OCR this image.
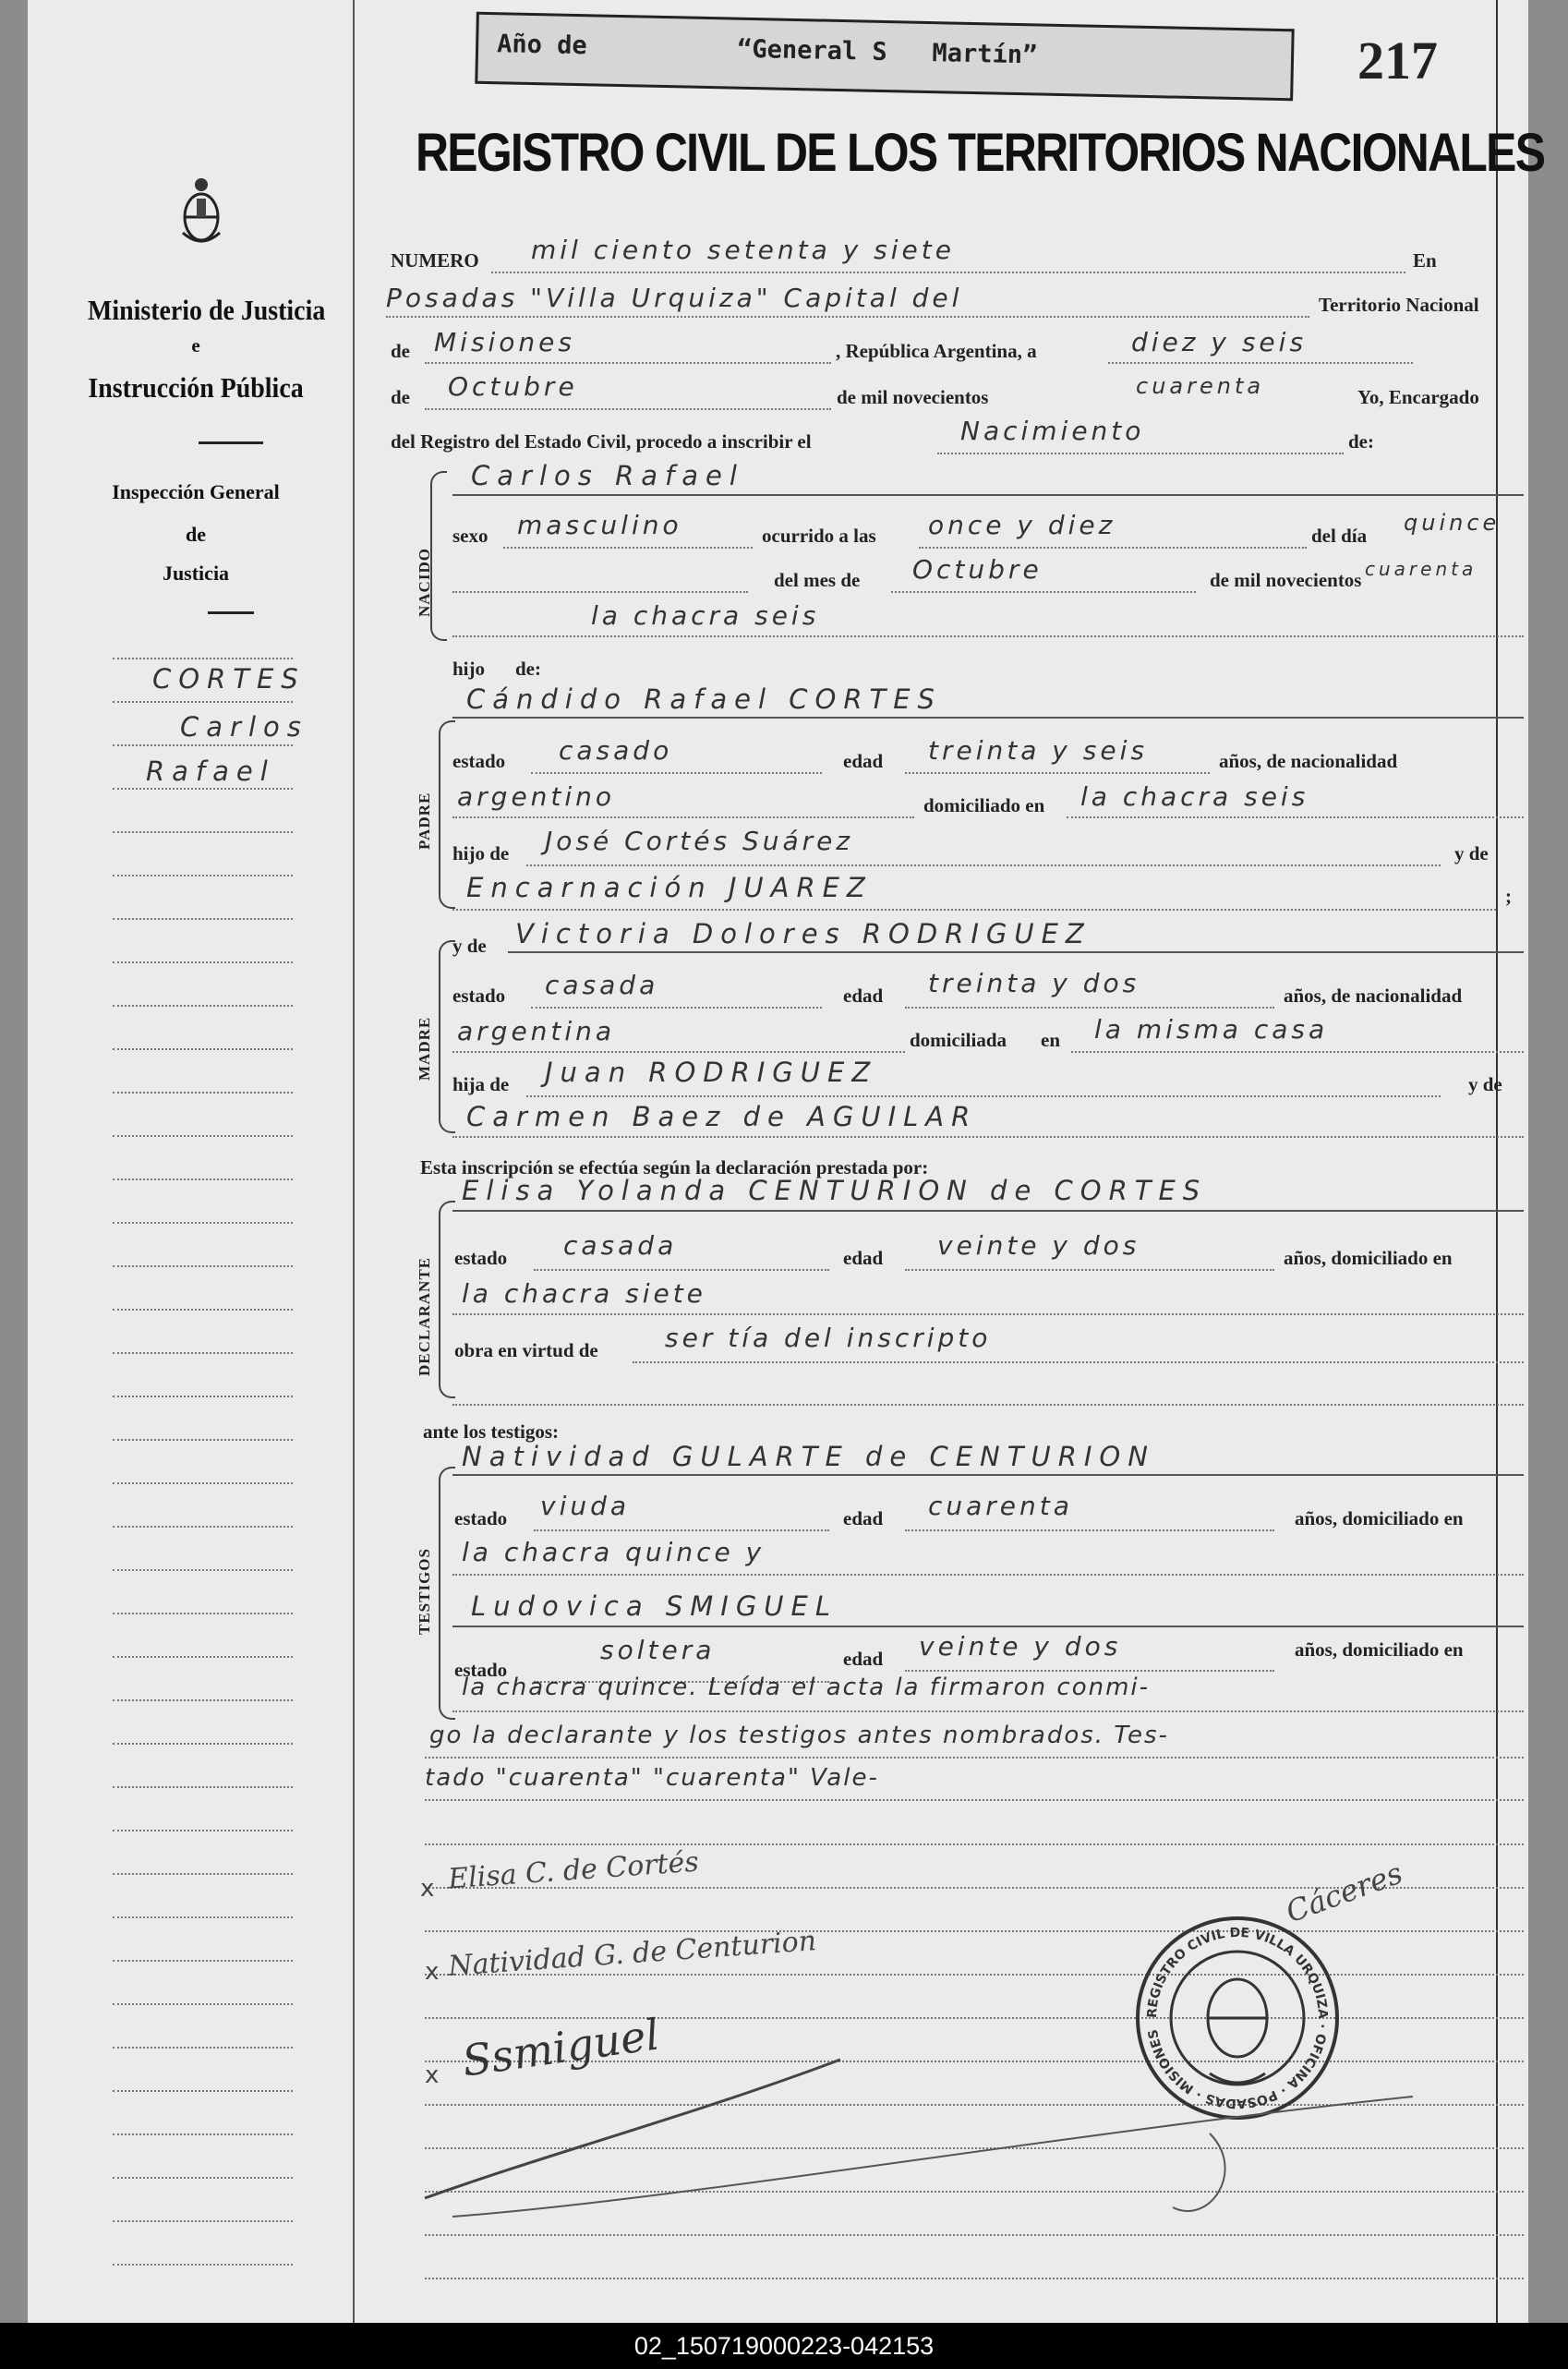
Año de          “General S   Martín”	217
REGISTRO CIVIL DE LOS TERRITORIOS NACIONALES
Ministerio de Justicia
e
Instrucción Pública
Inspección General
de
Justicia
CORTES
Carlos
Rafael
NUMERO mil ciento setenta y siete	En
Posadas "Villa Urquiza" Capital del	Territorio Nacional
de Misiones	, República Argentina, a	diez y seis
de Octubre	de mil novecientos	cuarenta	Yo, Encargado
del Registro del Estado Civil, procedo a inscribir el	Nacimiento	de:
NACIDO
Carlos Rafael
sexo masculino	ocurrido a las once y diez	del día quince
del mes de Octubre	de mil novecientos cuarenta
la chacra seis
hijo de:
PADRE
Cándido Rafael CORTES
estado casado	edad treinta y seis	años, de nacionalidad
argentino	domiciliado en la chacra seis
hijo de José Cortés Suárez	y de
Encarnación JUAREZ	;
MADRE
y de Victoria Dolores RODRIGUEZ
estado casada	edad treinta y dos	años, de nacionalidad
argentina	domiciliada en la misma casa
hija de Juan RODRIGUEZ	y de
Carmen Baez de AGUILAR
Esta inscripción se efectúa según la declaración prestada por:
DECLARANTE
Elisa Yolanda CENTURION de CORTES
estado casada	edad veinte y dos	años, domiciliado en
la chacra siete
obra en virtud de	ser tía del inscripto
ante los testigos:
TESTIGOS
Natividad GULARTE de CENTURION
estado viuda	edad cuarenta	años, domiciliado en
la chacra quince y
Ludovica SMIGUEL
estado
soltera	edad veinte y dos	años, domiciliado en
la chacra quince. Leída el acta la firmaron conmi-
go la declarante y los testigos antes nombrados. Tes-
tado "cuarenta" "cuarenta" Vale-
x Elisa C. de Cortés
x Natividad G. de Centurion
x Ssmiguel
Cáceres
REGISTRO CIVIL DE VILLA URQUIZA · OFICINA · POSADAS · MISIONES
02_150719000223-042153
